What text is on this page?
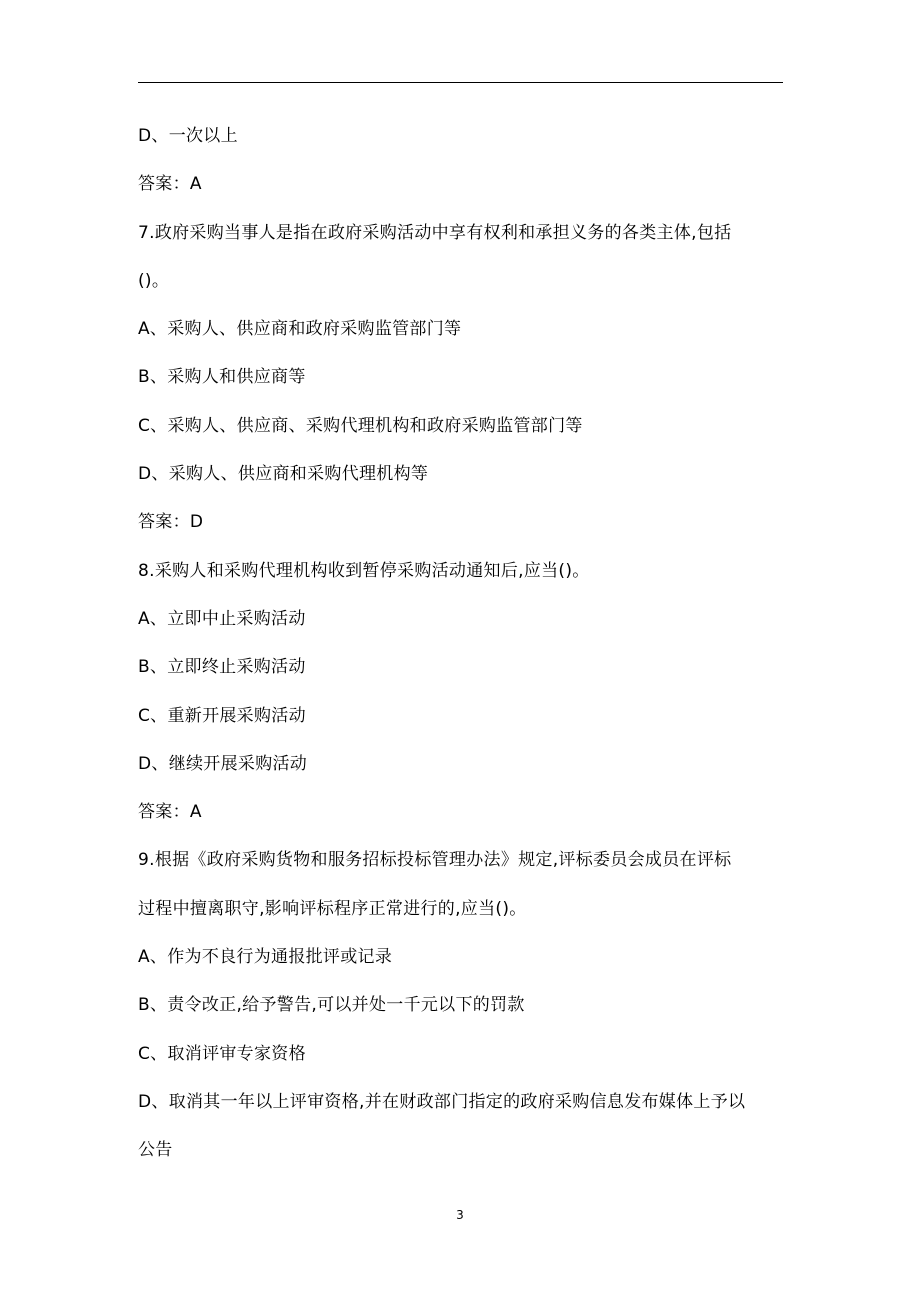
D、一次以上
答案：A
7.政府采购当事人是指在政府采购活动中享有权利和承担义务的各类主体,包括
()。
A、采购人、供应商和政府采购监管部门等
B、采购人和供应商等
C、采购人、供应商、采购代理机构和政府采购监管部门等
D、采购人、供应商和采购代理机构等
答案：D
8.采购人和采购代理机构收到暂停采购活动通知后,应当()。
A、立即中止采购活动
B、立即终止采购活动
C、重新开展采购活动
D、继续开展采购活动
答案：A
9.根据《政府采购货物和服务招标投标管理办法》规定,评标委员会成员在评标
过程中擅离职守,影响评标程序正常进行的,应当()。
A、作为不良行为通报批评或记录
B、责令改正,给予警告,可以并处一千元以下的罚款
C、取消评审专家资格
D、取消其一年以上评审资格,并在财政部门指定的政府采购信息发布媒体上予以
公告
3
